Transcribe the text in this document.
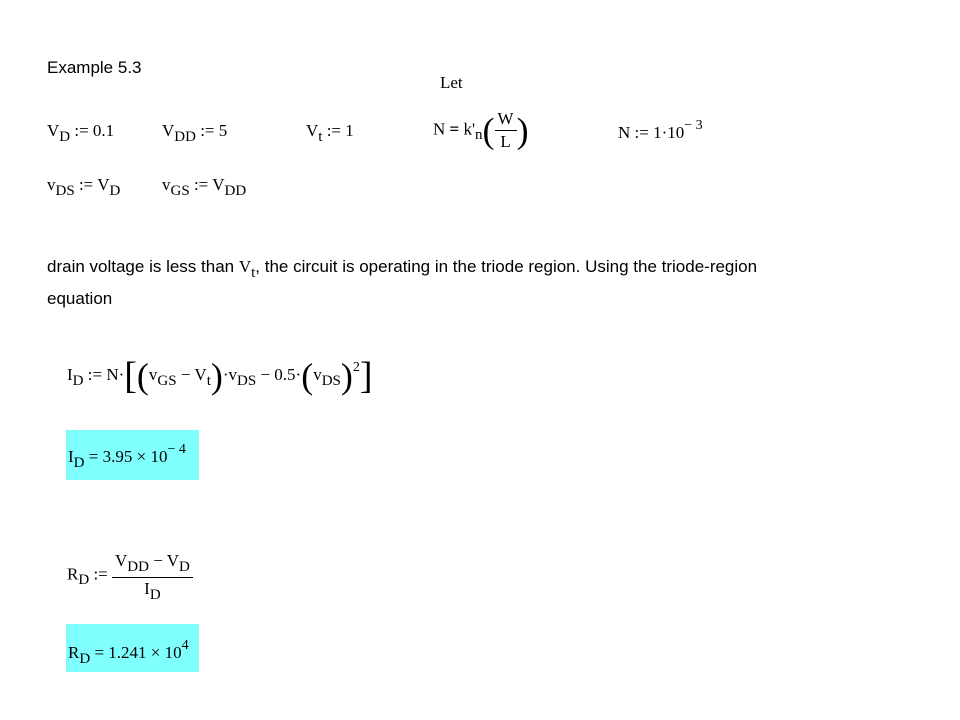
Example 5.3
Let
VD := 0.1	VDD := 5	Vt := 1	$N = k'n( \frac{W}{L}$ )	N := $1\cdot 10^{- 3}$
vDS := VD vGS := VDD
drain voltage is less than Vt, the circuit is operating in the triode region. Using the triode-region
equation
ID := N·[(vGS − Vt)·vDS − 0.5·(vDS)$^2$]
ID = $3.95 \times 10^{- 4}$
RD := $\frac{\text{VDD − VD}}{ID}$
RD = $1.241 \times 10^4$
